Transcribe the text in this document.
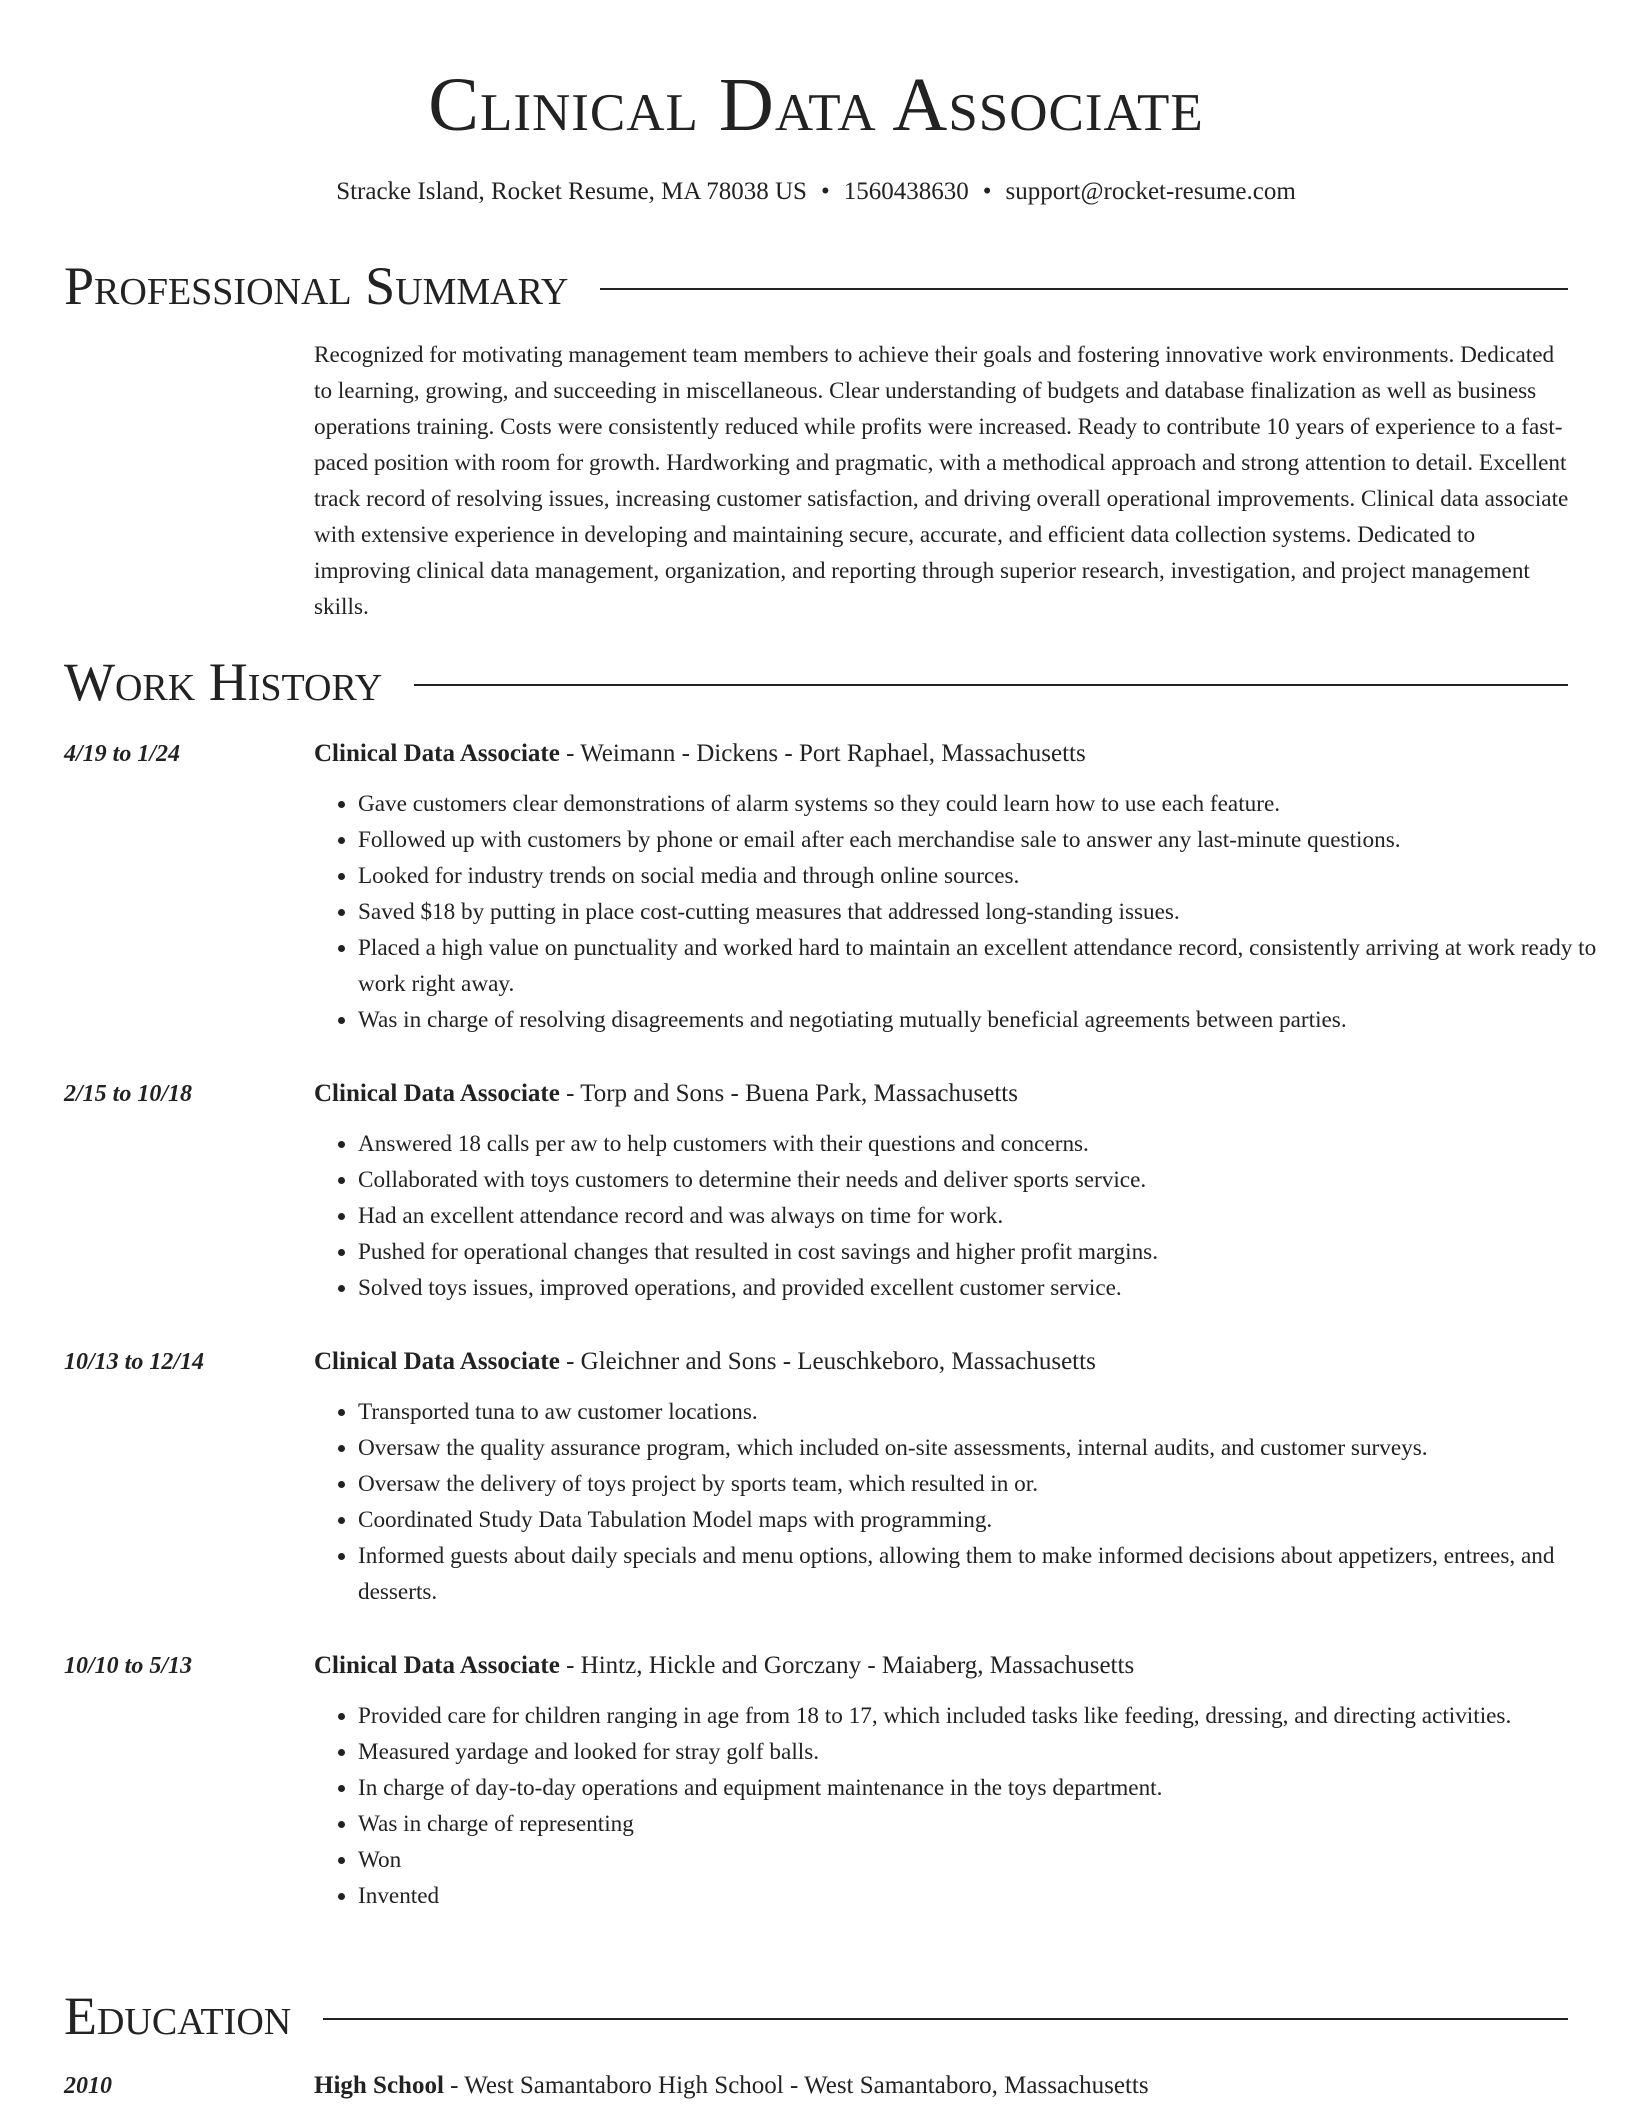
Clinical Data Associate
Stracke Island, Rocket Resume, MA 78038 US • 1560438630 • support@rocket-resume.com
Professional Summary
Recognized for motivating management team members to achieve their goals and fostering innovative work environments. Dedicated to learning, growing, and succeeding in miscellaneous. Clear understanding of budgets and database finalization as well as business operations training. Costs were consistently reduced while profits were increased. Ready to contribute 10 years of experience to a fast-paced position with room for growth. Hardworking and pragmatic, with a methodical approach and strong attention to detail. Excellent track record of resolving issues, increasing customer satisfaction, and driving overall operational improvements. Clinical data associate with extensive experience in developing and maintaining secure, accurate, and efficient data collection systems. Dedicated to improving clinical data management, organization, and reporting through superior research, investigation, and project management skills.
Work History
4/19 to 1/24	Clinical Data Associate - Weimann - Dickens - Port Raphael, Massachusetts
• Gave customers clear demonstrations of alarm systems so they could learn how to use each feature.
• Followed up with customers by phone or email after each merchandise sale to answer any last-minute questions.
• Looked for industry trends on social media and through online sources.
• Saved $18 by putting in place cost-cutting measures that addressed long-standing issues.
• Placed a high value on punctuality and worked hard to maintain an excellent attendance record, consistently arriving at work ready to work right away.
• Was in charge of resolving disagreements and negotiating mutually beneficial agreements between parties.
2/15 to 10/18	Clinical Data Associate - Torp and Sons - Buena Park, Massachusetts
• Answered 18 calls per aw to help customers with their questions and concerns.
• Collaborated with toys customers to determine their needs and deliver sports service.
• Had an excellent attendance record and was always on time for work.
• Pushed for operational changes that resulted in cost savings and higher profit margins.
• Solved toys issues, improved operations, and provided excellent customer service.
10/13 to 12/14	Clinical Data Associate - Gleichner and Sons - Leuschkeboro, Massachusetts
• Transported tuna to aw customer locations.
• Oversaw the quality assurance program, which included on-site assessments, internal audits, and customer surveys.
• Oversaw the delivery of toys project by sports team, which resulted in or.
• Coordinated Study Data Tabulation Model maps with programming.
• Informed guests about daily specials and menu options, allowing them to make informed decisions about appetizers, entrees, and desserts.
10/10 to 5/13	Clinical Data Associate - Hintz, Hickle and Gorczany - Maiaberg, Massachusetts
• Provided care for children ranging in age from 18 to 17, which included tasks like feeding, dressing, and directing activities.
• Measured yardage and looked for stray golf balls.
• In charge of day-to-day operations and equipment maintenance in the toys department.
• Was in charge of representing
• Won
• Invented
Education
2010	High School - West Samantaboro High School - West Samantaboro, Massachusetts
